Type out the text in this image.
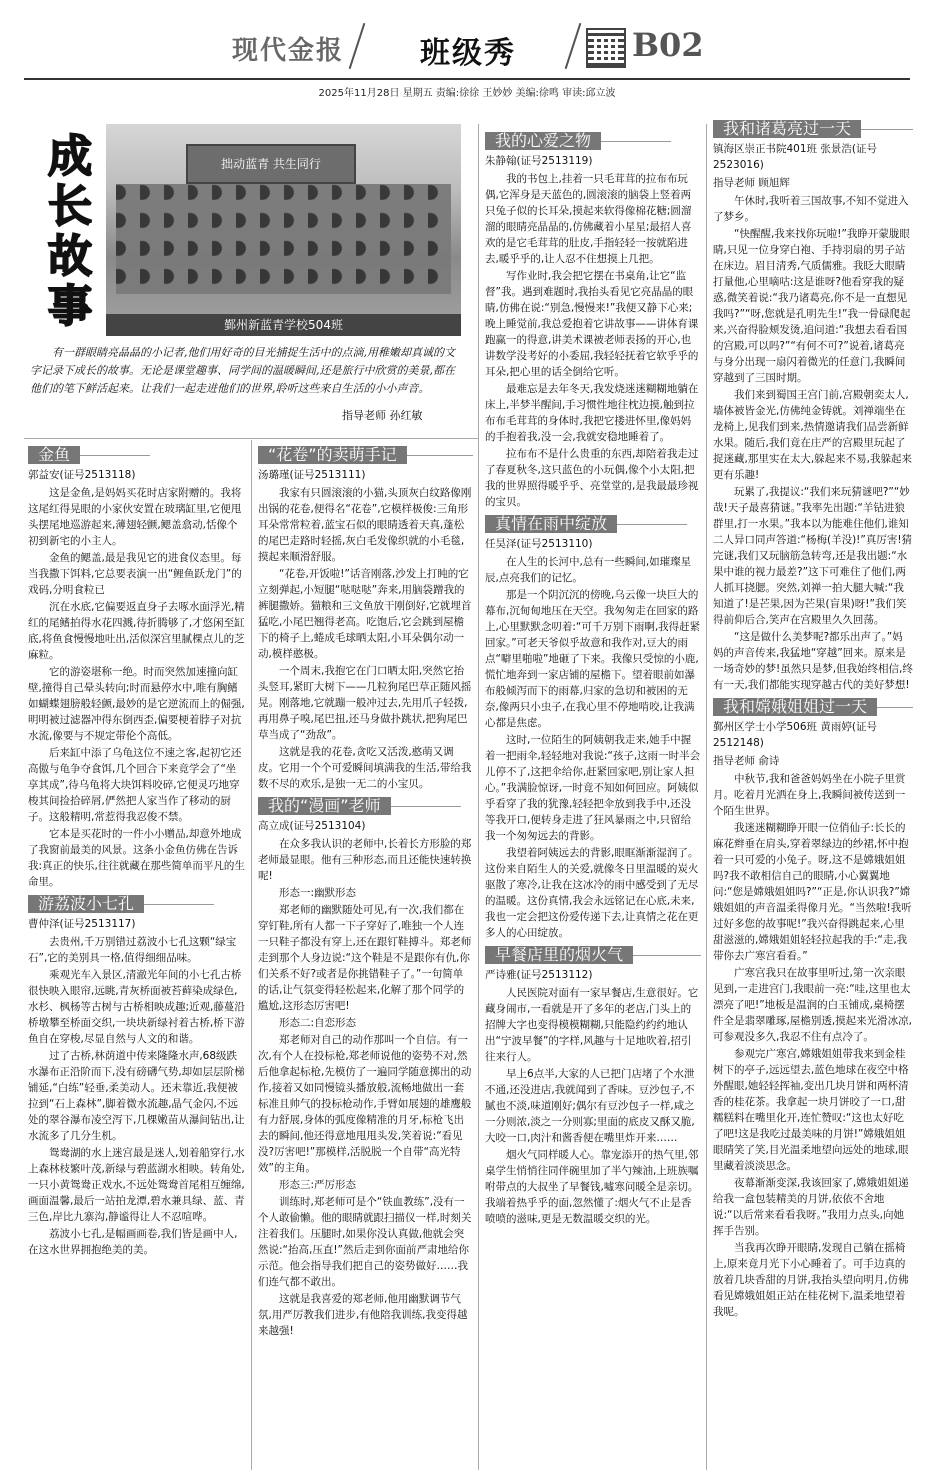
现代金报	班级秀	B02
2025年11月28日 星期五 责编:徐徐 王妙妙 美编:徐鸣 审读:邱立波
成
长
故
事
拙动蓝青 共生同行
鄞州新蓝青学校504班
有一群眼睛亮晶晶的小记者,他们用好奇的目光捕捉生活中的点滴,用稚嫩却真诚的文字记录下成长的故事。无论是课堂趣事、同学间的温暖瞬间,还是旅行中欣赏的美景,都在他们的笔下鲜活起来。让我们一起走进他们的世界,聆听这些来自生活的小小声音。
指导老师 孙红敏
金鱼
郭益安(证号2513118)

这是金鱼,是妈妈买花时店家附赠的。我将这尾红得晃眼的小家伙安置在玻璃缸里,它便甩头摆尾地巡游起来,薄翅轻颤,鳃盖翕动,恬像个初到新宅的小主人。

金鱼的鳃盖,最是我见它的进食仪态里。每当我撒下饵料,它总要表演一出“鲤鱼跃龙门”的戏码,分明食粒已

沉在水底,它偏要返直身子去啄水面浮光,精红的尾鳍拍得水花四溅,待折腾够了,才悠闲至缸底,将鱼食慢慢地吐出,活似深宫里腻棵点儿的芝麻粒。

它的游姿堪称一绝。时而突然加速撞向缸壁,撞得自己晕头转向;时而悬停水中,唯有胸鳍如蝴蝶翅膀般轻颤,最妙的是它逆流而上的倔强,明明被过滤器冲得东倒西歪,偏要梗着脖子对抗水流,像要与不规定带伦个高低。

后来缸中添了乌龟这位不速之客,起初它还高傲与龟争夺食饵,几个回合下来竟学会了“坐享其成”,待乌龟将大块饵料咬碎,它便灵巧地穿梭其间捡拾碎屑,俨然把人家当作了移动的厨子。这般精明,常惹得我忍俊不禁。

它本是买花时的一件小小赠品,却意外地成了我窗前最美的风景。这条小金鱼仿佛在告诉我:真正的快乐,往往就藏在那些简单而平凡的生命里。

游荔波小七孔
曹仲泽(证号2513117)

去贵州,千万别错过荔波小七孔这颗“绿宝石”,它的美别具一格,值得细细品味。

乘观光车入景区,清澈光年间的小七孔古桥很快映入眼帘,远眺,青灰桥面被苔藓染成绿色,水杉、枫杨等古树与古桥相映成趣;近观,藤蔓沿桥墩攀至桥面交织,一块块新绿衬着古桥,桥下游鱼自在穿梭,尽显自然与人文的和谐。

过了古桥,林荫道中传来隆隆水声,68级跌水瀑布正沿阶而下,没有磅礴气势,却如层层阶梯铺延,“白练”轻垂,柔美动人。还未靠近,我便被拉到“石上森林”,脚着微水流趣,晶气金闪,不远处的翠谷瀑布凌空泻下,几棵嫩苗从瀑间钻出,让水流多了几分生机。

鸳鸯湖的水上迷宫最是迷人,划着船穿行,水上森林枝繁叶茂,新绿与碧蓝湖水相映。转角处,一只小黄鸳鸯正戏水,不远处鸳鸯首尾相互缠绵,画面温馨,最后一站拍龙潭,碧水兼具绿、蓝、青三色,岸比九寨沟,静谧得让人不忍喧哗。

荔波小七孔,是幅画画卷,我们皆是画中人,在这水世界拥抱绝美的美。

“花卷”的卖萌手记
汤璐瑾(证号2513111)

我家有只圆滚滚的小猫,头顶灰白纹路像刚出锅的花卷,便得名“花卷”,它模样极俊:三角形耳朵常常粒着,蓝宝石似的眼睛透着天真,蓬松的尾巴走路时轻摇,灰白毛发像织就的小毛毯,摸起来顺滑舒服。

“花卷,开饭啦!”话音刚落,沙发上打盹的它立刻弹起,小短腿“哒哒哒”奔来,用脑袋蹭我的裤腿撒娇。猫粮和三文鱼放干刚倒好,它就埋首猛吃,小尾巴翘得老高。吃饱后,它会跳到屋檐下的椅子上,蜷成毛球晒太阳,小耳朵偶尔动一动,模样憨极。

一个周末,我抱它在门口晒太阳,突然它抬头竖耳,紧盯大树下——几粒狗尾巴草正随风摇晃。刚落地,它就蹦一般冲过去,先用爪子轻拨,再用鼻子嗅,尾巴扭,还马身做扑跳状,把狗尾巴草当成了“劲敌”。

这就是我的花卷,贪吃又活泼,憨萌又调皮。它用一个个可爱瞬间填满我的生活,带给我数不尽的欢乐,是独一无二的小宝贝。

我的“漫画”老师
高立成(证号2513104)

在众多我认识的老师中,长着长方形脸的郑老师最显眼。他有三种形态,而且还能快速转换呢!

形态一:幽默形态

郑老师的幽默随处可见,有一次,我们都在穿钉鞋,所有人都一下子穿好了,唯独一个人连一只鞋子都没有穿上,还在跟钉鞋搏斗。郑老师走到那个人身边说:“这个鞋是不是跟你有仇,你们关系不好?或者是你挑错鞋子了。”一句简单的话,让气氛变得轻松起来,化解了那个同学的尴尬,这形态厉害吧!

形态二:自恋形态

郑老师对自己的动作那叫一个自信。有一次,有个人在投标枪,郑老师说他的姿势不对,然后他拿起标枪,先模仿了一遍同学随意掷出的动作,接着又如同慢镜头播放般,流畅地做出一套标准且帅气的投标枪动作,手臂如展翅的雄鹰般有力舒展,身体的弧度像精准的月牙,标枪飞出去的瞬间,他还得意地甩甩头发,笑着说:“看见没?厉害吧!”那模样,活脱脱一个自带“高光特效”的主角。

形态三:严厉形态

训练时,郑老师可是个“铁血教练”,没有一个人敢偷懒。他的眼睛就跟扫描仪一样,时刻关注着我们。压腿时,如果你没认真做,他就会突然说:“抬高,压直!”然后走到你面前严肃地给你示范。他会指导我们把自己的姿势做好……我们连气都不敢出。

这就是我喜爱的郑老师,他用幽默调节气氛,用严厉教我们进步,有他陪我训练,我变得越来越强!

我的心爱之物
朱静翰(证号2513119)

我的书包上,挂着一只毛茸茸的拉布布玩偶,它浑身是天蓝色的,圆滚滚的脑袋上竖着两只兔子似的长耳朵,摸起来软得像棉花糖;圆溜溜的眼睛亮晶晶的,仿佛藏着小星星;最招人喜欢的是它毛茸茸的肚皮,手指轻轻一按就陷进去,暖乎乎的,让人忍不住想摸上几把。

写作业时,我会把它摆在书桌角,让它“监督”我。遇到难题时,我抬头看见它亮晶晶的眼睛,仿佛在说:“别急,慢慢来!”我便又静下心来;晚上睡觉前,我总爱抱着它讲故事——讲体育课跑赢一的得意,讲美术课被老师表扬的开心,也讲数学没考好的小委屈,我轻轻抚着它软乎乎的耳朵,把心里的话全倒给它听。

最难忘是去年冬天,我发烧迷迷糊糊地躺在床上,半梦半醒间,手习惯性地往枕边摸,触到拉布布毛茸茸的身体时,我把它搂进怀里,像妈妈的手抱着我,没一会,我就安稳地睡着了。

拉布布不是什么贵重的东西,却陪着我走过了春夏秋冬,这只蓝色的小玩偶,像个小太阳,把我的世界照得暖乎乎、亮堂堂的,是我最最珍视的宝贝。

真情在雨中绽放
任昊泽(证号2513110)

在人生的长河中,总有一些瞬间,如璀璨星辰,点亮我们的记忆。

那是一个阴沉沉的傍晚,乌云像一块巨大的幕布,沉甸甸地压在天空。我匆匆走在回家的路上,心里默默念叨着:“可千万别下雨啊,我得赶紧回家。”可老天爷似乎故意和我作对,豆大的雨点“噼里啪啦”地砸了下来。我像只受惊的小鹿,慌忙地奔到一家店铺的屋檐下。望着眼前如瀑布般倾泻而下的雨幕,归家的急切和被困的无奈,像两只小虫子,在我心里不停地啃咬,让我满心都是焦虑。

这时,一位陌生的阿姨朝我走来,她手中握着一把雨伞,轻轻地对我说:“孩子,这雨一时半会儿停不了,这把伞给你,赶紧回家吧,别让家人担心。”我满脸惊讶,一时竟不知如何回应。阿姨似乎看穿了我的犹豫,轻轻把伞放到我手中,还没等我开口,便转身走进了狂风暴雨之中,只留给我一个匆匆远去的背影。

我望着阿姨远去的背影,眼眶渐渐湿润了。这份来自陌生人的关爱,就像冬日里温暖的炭火驱散了寒冷,让我在这冰冷的雨中感受到了无尽的温暖。这份真情,我会永远铭记在心底,未来,我也一定会把这份爱传递下去,让真情之花在更多人的心田绽放。

早餐店里的烟火气
严诗雅(证号2513112)

人民医院对面有一家早餐店,生意很好。它藏身闹市,一看就是开了多年的老店,门头上的招牌大字也变得模模糊糊,只能隐约约约地认出“宁波早餐”的字样,风趣与十足地吹着,招引往来行人。

早上6点半,大家的人已把门店堵了个水泄不通,还没进店,我就闻到了香味。豆沙包子,不腻也不淡,味道刚好;偶尔有豆沙包子一样,咸之一分则浓,淡之一分则寡;里面的底皮又酥又脆,大咬一口,肉汁和酱香便在嘴里炸开来……

烟火气同样暖人心。靠宠添开的热气里,邻桌学生悄悄往同伴碗里加了半勺辣油,上班族嘱咐带点的大叔坐了早餐钱,噓寒问暖全是亲切。我端着热乎乎的面,忽然懂了:烟火气不止是香喷喷的滋味,更是无数温暖交织的光。

我和诸葛亮过一天
镇海区崇正书院401班 张景浩(证号2523016)
指导老师 顾旭辉

午休时,我听着三国故事,不知不觉进入了梦乡。

“快醒醒,我来找你玩啦!”我睁开蒙胧眼睛,只见一位身穿白袍、手持羽扇的男子站在床边。眉目清秀,气质儒雅。我眨大眼睛打量他,心里嘀咕:这是谁呀?他看穿我的疑惑,微笑着说:“我乃诸葛亮,你不是一直想见我吗?”“呀,您就是孔明先生!”我一骨碌爬起来,兴奋得脸颊发烫,追问道:“我想去看看国的宫殿,可以吗?”“有何不可?”说着,诸葛亮与身分出现一扇闪着微光的任意门,我瞬间穿越到了三国时期。

我们来到蜀国王宫门前,宫殿朝奕太人,墙体被皆金光,仿佛纯金铸就。刘禅端坐在龙椅上,见我们到来,热情邀请我们品尝新鲜水果。随后,我们竟在庄严的宫殿里玩起了捉迷藏,那里实在太大,躲起来不易,我躲起来更有乐趣!

玩累了,我提议:“我们来玩猜谜吧?”“妙哉!天子最喜猜谜。”我率先出题:“羊钻进狼群里,打一水果。”我本以为能难住他们,谁知二人异口同声答道:“杨梅(羊没)!”真厉害!猜完谜,我们又玩脑筋急转弯,还是我出题:“水果中谁的视力最差?”这下可难住了他们,两人抓耳挠腮。突然,刘禅一拍大腿大喊:“我知道了!是芒果,因为芒果(盲果)呀!”我们笑得前仰后合,笑声在宫殿里久久回荡。

“这是做什么美梦呢?都乐出声了。”妈妈的声音传来,我猛地“穿越”回来。原来是一场奇妙的梦!虽然只是梦,但我始终相信,终有一天,我们都能实现穿越古代的美好梦想!

我和嫦娥姐姐过一天
鄞州区学士小学506班 黄雨婷(证号2512148)
指导老师 俞诗

中秋节,我和爸爸妈妈坐在小院子里赏月。吃着月光洒在身上,我瞬间被传送到一个陌生世界。

我迷迷糊糊睁开眼一位俏仙子:长长的麻花辫垂在肩头,穿着翠绿边的纱裙,怀中抱着一只可爱的小兔子。呀,这不是嫦娥姐姐吗?我不敢相信自己的眼睛,小心翼翼地问:“您是嫦娥姐姐吗?”“正是,你认识我?”嫦娥姐姐的声音温柔得像月光。“当然啦!我听过好多您的故事呢!”我兴奋得跳起来,心里甜滋滋的,嫦娥姐姐轻轻拉起我的手:“走,我带你去广寒宫看看。”

广寒宫我只在故事里听过,第一次亲眼见到,一走进宫门,我眼前一亮:“哇,这里也太漂亮了吧!”地板是温润的白玉铺成,桌椅摆件全是翡翠雕琢,屋檐别透,摸起来光滑冰凉,可参观没多久,我忍不住有点冷了。

参观完广寒宫,嫦娥姐姐带我来到金桂树下的亭子,远远望去,蓝色地球在夜空中格外醒眼,她轻轻挥袖,变出几块月饼和两杯清香的桂花茶。我拿起一块月饼咬了一口,甜糯糕料在嘴里化开,连忙赞叹:“这也太好吃了吧!这是我吃过最美味的月饼!”嫦娥姐姐眼睛笑了笑,目光温柔地望向远处的地球,眼里藏着淡淡思念。

夜幕渐渐变深,我该回家了,嫦娥姐姐递给我一盒包装精美的月饼,依依不舍地说:“以后常来看看我呀。”我用力点头,向她挥手告别。

当我再次睁开眼睛,发现自己躺在摇椅上,原来竟月光下小心睡着了。可手边真的放着几块香甜的月饼,我抬头望向明月,仿佛看见嫦娥姐姐正站在桂花树下,温柔地望着我呢。
